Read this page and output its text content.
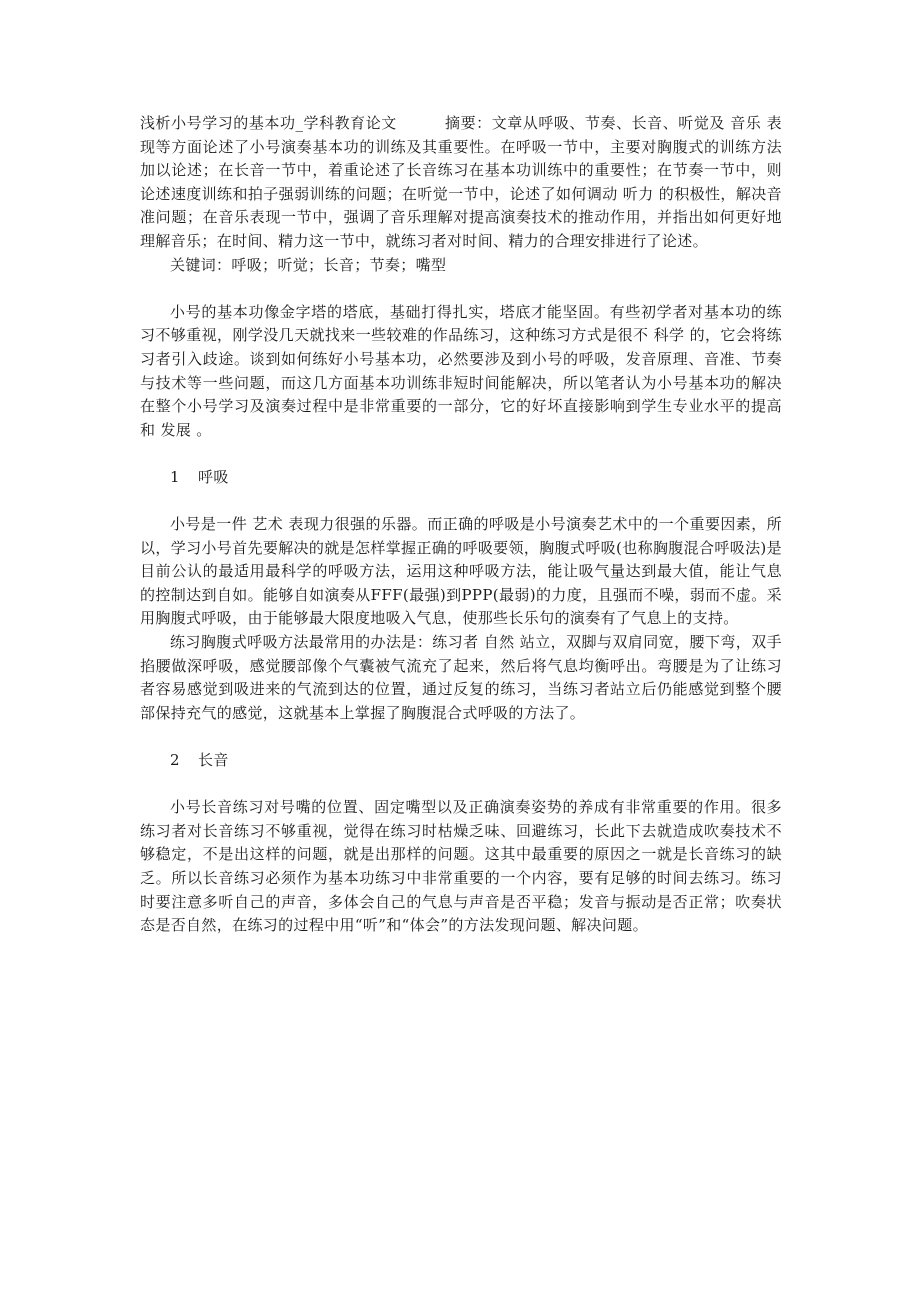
浅析小号学习的基本功_学科教育论文	摘要：文章从呼吸、节奏、长音、听觉及 音乐 表现等方面论述了小号演奏基本功的训练及其重要性。在呼吸一节中，主要对胸腹式的训练方法加以论述；在长音一节中，着重论述了长音练习在基本功训练中的重要性；在节奏一节中，则论述速度训练和拍子强弱训练的问题；在听觉一节中，论述了如何调动 听力 的积极性，解决音准问题；在音乐表现一节中，强调了音乐理解对提高演奏技术的推动作用，并指出如何更好地理解音乐；在时间、精力这一节中，就练习者对时间、精力的合理安排进行了论述。

关键词：呼吸；听觉；长音；节奏；嘴型

小号的基本功像金字塔的塔底，基础打得扎实，塔底才能坚固。有些初学者对基本功的练习不够重视，刚学没几天就找来一些较难的作品练习，这种练习方式是很不 科学 的，它会将练习者引入歧途。谈到如何练好小号基本功，必然要涉及到小号的呼吸，发音原理、音准、节奏与技术等一些问题，而这几方面基本功训练非短时间能解决，所以笔者认为小号基本功的解决在整个小号学习及演奏过程中是非常重要的一部分，它的好坏直接影响到学生专业水平的提高和 发展 。

1 呼吸

小号是一件 艺术 表现力很强的乐器。而正确的呼吸是小号演奏艺术中的一个重要因素，所以，学习小号首先要解决的就是怎样掌握正确的呼吸要领，胸腹式呼吸(也称胸腹混合呼吸法)是目前公认的最适用最科学的呼吸方法，运用这种呼吸方法，能让吸气量达到最大值，能让气息的控制达到自如。能够自如演奏从FFF(最强)到PPP(最弱)的力度，且强而不噪，弱而不虚。采用胸腹式呼吸，由于能够最大限度地吸入气息，使那些长乐句的演奏有了气息上的支持。

练习胸腹式呼吸方法最常用的办法是：练习者 自然 站立，双脚与双肩同宽，腰下弯，双手掐腰做深呼吸，感觉腰部像个气囊被气流充了起来，然后将气息均衡呼出。弯腰是为了让练习者容易感觉到吸进来的气流到达的位置，通过反复的练习，当练习者站立后仍能感觉到整个腰部保持充气的感觉，这就基本上掌握了胸腹混合式呼吸的方法了。

2 长音

小号长音练习对号嘴的位置、固定嘴型以及正确演奏姿势的养成有非常重要的作用。很多练习者对长音练习不够重视，觉得在练习时枯燥乏味、回避练习，长此下去就造成吹奏技术不够稳定，不是出这样的问题，就是出那样的问题。这其中最重要的原因之一就是长音练习的缺乏。所以长音练习必须作为基本功练习中非常重要的一个内容，要有足够的时间去练习。练习时要注意多听自己的声音，多体会自己的气息与声音是否平稳；发音与振动是否正常；吹奏状态是否自然，在练习的过程中用“听”和“体会”的方法发现问题、解决问题。
